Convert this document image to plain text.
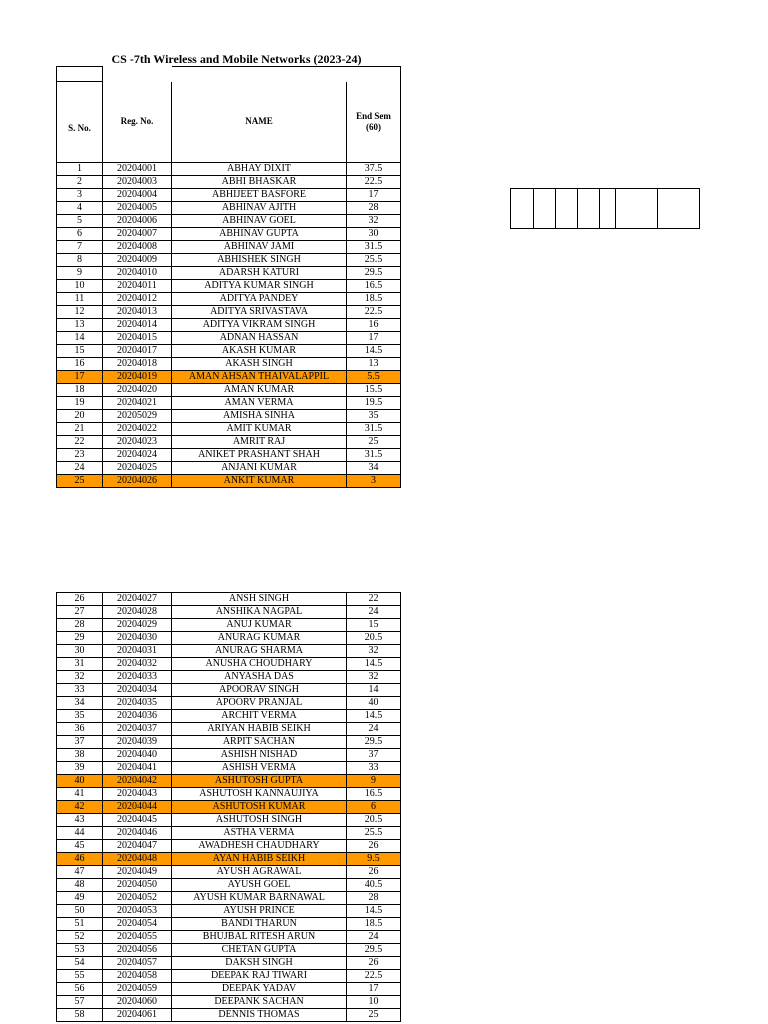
CS -7th Wireless and Mobile Networks (2023-24)

S. No.	Reg. No.	NAME	End Sem
(60)

1	20204001	ABHAY DIXIT	37.5
2	20204003	ABHI BHASKAR	22.5
3	20204004	ABHIJEET BASFORE	17
4	20204005	ABHINAV AJITH	28
5	20204006	ABHINAV GOEL	32
6	20204007	ABHINAV GUPTA	30
7	20204008	ABHINAV JAMI	31.5
8	20204009	ABHISHEK SINGH	25.5
9	20204010	ADARSH KATURI	29.5
10	20204011	ADITYA KUMAR SINGH	16.5
11	20204012	ADITYA PANDEY	18.5
12	20204013	ADITYA SRIVASTAVA	22.5
13	20204014	ADITYA VIKRAM SINGH	16
14	20204015	ADNAN HASSAN	17
15	20204017	AKASH KUMAR	14.5
16	20204018	AKASH SINGH	13
17	20204019	AMAN AHSAN THAIVALAPPIL	5.5
18	20204020	AMAN KUMAR	15.5
19	20204021	AMAN VERMA	19.5
20	20205029	AMISHA SINHA	35
21	20204022	AMIT KUMAR	31.5
22	20204023	AMRIT RAJ	25
23	20204024	ANIKET PRASHANT SHAH	31.5
24	20204025	ANJANI KUMAR	34
25	20204026	ANKIT KUMAR	3
26	20204027	ANSH SINGH	22
27	20204028	ANSHIKA NAGPAL	24
28	20204029	ANUJ KUMAR	15
29	20204030	ANURAG KUMAR	20.5
30	20204031	ANURAG SHARMA	32
31	20204032	ANUSHA CHOUDHARY	14.5
32	20204033	ANYASHA DAS	32
33	20204034	APOORAV SINGH	14
34	20204035	APOORV PRANJAL	40
35	20204036	ARCHIT VERMA	14.5
36	20204037	ARIYAN HABIB SEIKH	24
37	20204039	ARPIT SACHAN	29.5
38	20204040	ASHISH NISHAD	37
39	20204041	ASHISH VERMA	33
40	20204042	ASHUTOSH GUPTA	9
41	20204043	ASHUTOSH KANNAUJIYA	16.5
42	20204044	ASHUTOSH KUMAR	6
43	20204045	ASHUTOSH SINGH	20.5
44	20204046	ASTHA VERMA	25.5
45	20204047	AWADHESH CHAUDHARY	26
46	20204048	AYAN HABIB SEIKH	9.5
47	20204049	AYUSH AGRAWAL	26
48	20204050	AYUSH GOEL	40.5
49	20204052	AYUSH KUMAR BARNAWAL	28
50	20204053	AYUSH PRINCE	14.5
51	20204054	BANDI THARUN	18.5
52	20204055	BHUJBAL RITESH ARUN	24
53	20204056	CHETAN GUPTA	29.5
54	20204057	DAKSH SINGH	26
55	20204058	DEEPAK RAJ TIWARI	22.5
56	20204059	DEEPAK YADAV	17
57	20204060	DEEPANK SACHAN	10
58	20204061	DENNIS THOMAS	25
